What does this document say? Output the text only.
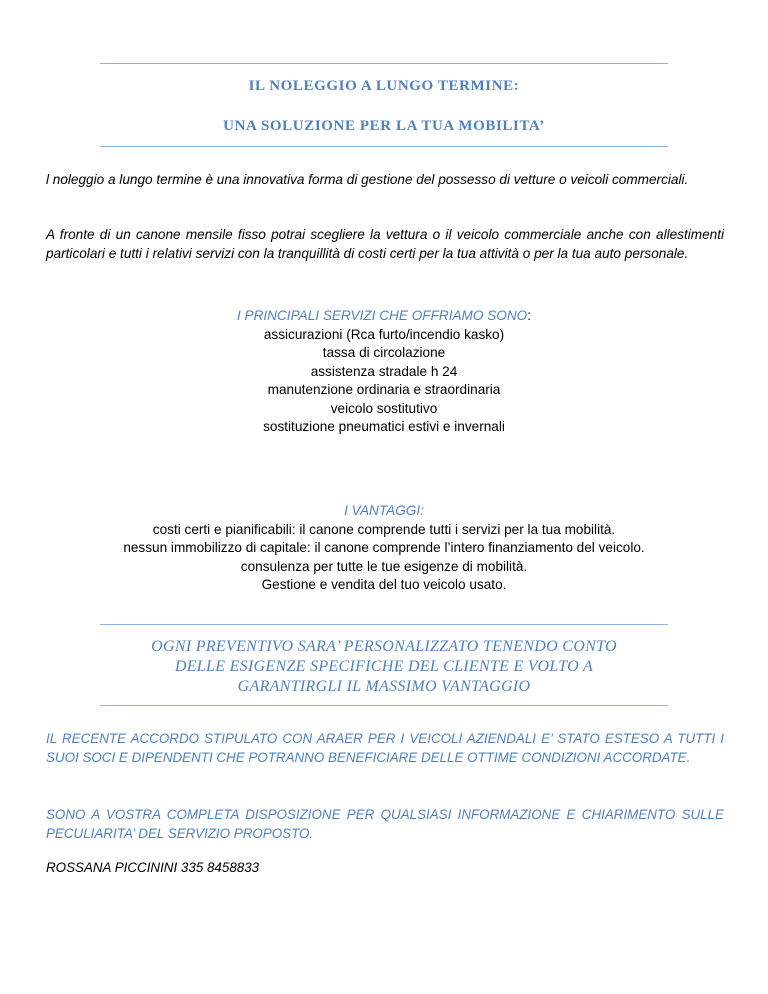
IL NOLEGGIO A LUNGO TERMINE:
UNA SOLUZIONE PER LA TUA MOBILITA’
l noleggio a lungo termine è una innovativa forma di gestione del possesso di vetture o veicoli commerciali.
A fronte di un canone mensile fisso potrai scegliere la vettura o il veicolo commerciale anche con allestimenti particolari e tutti i relativi servizi con la tranquillità di costi certi per la tua attività o per la tua auto personale.
I PRINCIPALI SERVIZI CHE OFFRIAMO SONO:
assicurazioni (Rca furto/incendio kasko)
tassa di circolazione
assistenza stradale h 24
manutenzione ordinaria e straordinaria
veicolo sostitutivo
sostituzione pneumatici estivi e invernali
I VANTAGGI:
costi certi e pianificabili: il canone comprende tutti i servizi per la tua mobilità.
nessun immobilizzo di capitale: il canone comprende l’intero finanziamento del veicolo.
consulenza per tutte le tue esigenze di mobilità.
Gestione e vendita del tuo veicolo usato.
OGNI PREVENTIVO SARA’ PERSONALIZZATO TENENDO CONTO
DELLE ESIGENZE SPECIFICHE DEL CLIENTE E VOLTO A
GARANTIRGLI IL MASSIMO VANTAGGIO
IL RECENTE ACCORDO STIPULATO CON ARAER PER I VEICOLI AZIENDALI E’ STATO ESTESO A TUTTI I SUOI SOCI E DIPENDENTI CHE POTRANNO BENEFICIARE DELLE OTTIME CONDIZIONI ACCORDATE.
SONO A VOSTRA COMPLETA DISPOSIZIONE PER QUALSIASI INFORMAZIONE E CHIARIMENTO SULLE PECULIARITA’ DEL SERVIZIO PROPOSTO.
ROSSANA PICCININI 335 8458833
